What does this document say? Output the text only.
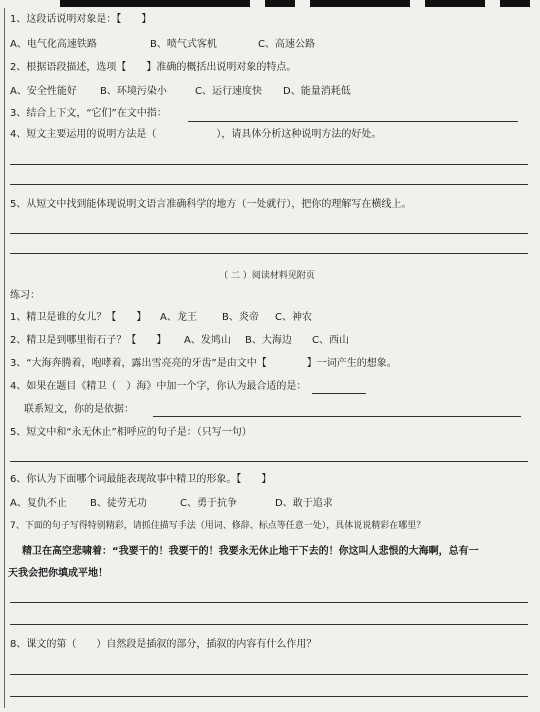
1、这段话说明对象是：【　　】
A、电气化高速铁路	B、喷气式客机	C、高速公路
2、根据语段描述，选项【　　】准确的概括出说明对象的特点。
A、安全性能好 B、环境污染小	C、运行速度快 D、能量消耗低
3、结合上下文，“它们”在文中指：
4、短文主要运用的说明方法是（　　　　　　），请具体分析这种说明方法的好处。
5、从短文中找到能体现说明文语言准确科学的地方（一处就行），把你的理解写在横线上。
（ 二 ）阅读材料见附页
练习：
1、精卫是谁的女儿？【　　】 A、龙王	B、炎帝 C、神农
2、精卫是到哪里衔石子？【　　】 A、发鸠山 B、大海边 C、西山
3、“大海奔腾着，咆哮着，露出雪亮亮的牙齿”是由文中【　　　　】一词产生的想象。
4、如果在题目《精卫（　）海》中加一个字，你认为最合适的是：
联系短文，你的是依据：
5、短文中和“永无休止”相呼应的句子是：（只写一句）
6、你认为下面哪个词最能表现故事中精卫的形象。【　　】
A、复仇不止 B、徒劳无功	C、勇于抗争	D、敢于追求
7、下面的句子写得特别精彩，请抓住描写手法（用词、修辞、标点等任意一处），具体说说精彩在哪里？
精卫在高空悲啸着：“我要干的！我要干的！我要永无休止地干下去的！你这叫人悲恨的大海啊，总有一
天我会把你填成平地！
8、课文的第（　　）自然段是插叙的部分，插叙的内容有什么作用？
